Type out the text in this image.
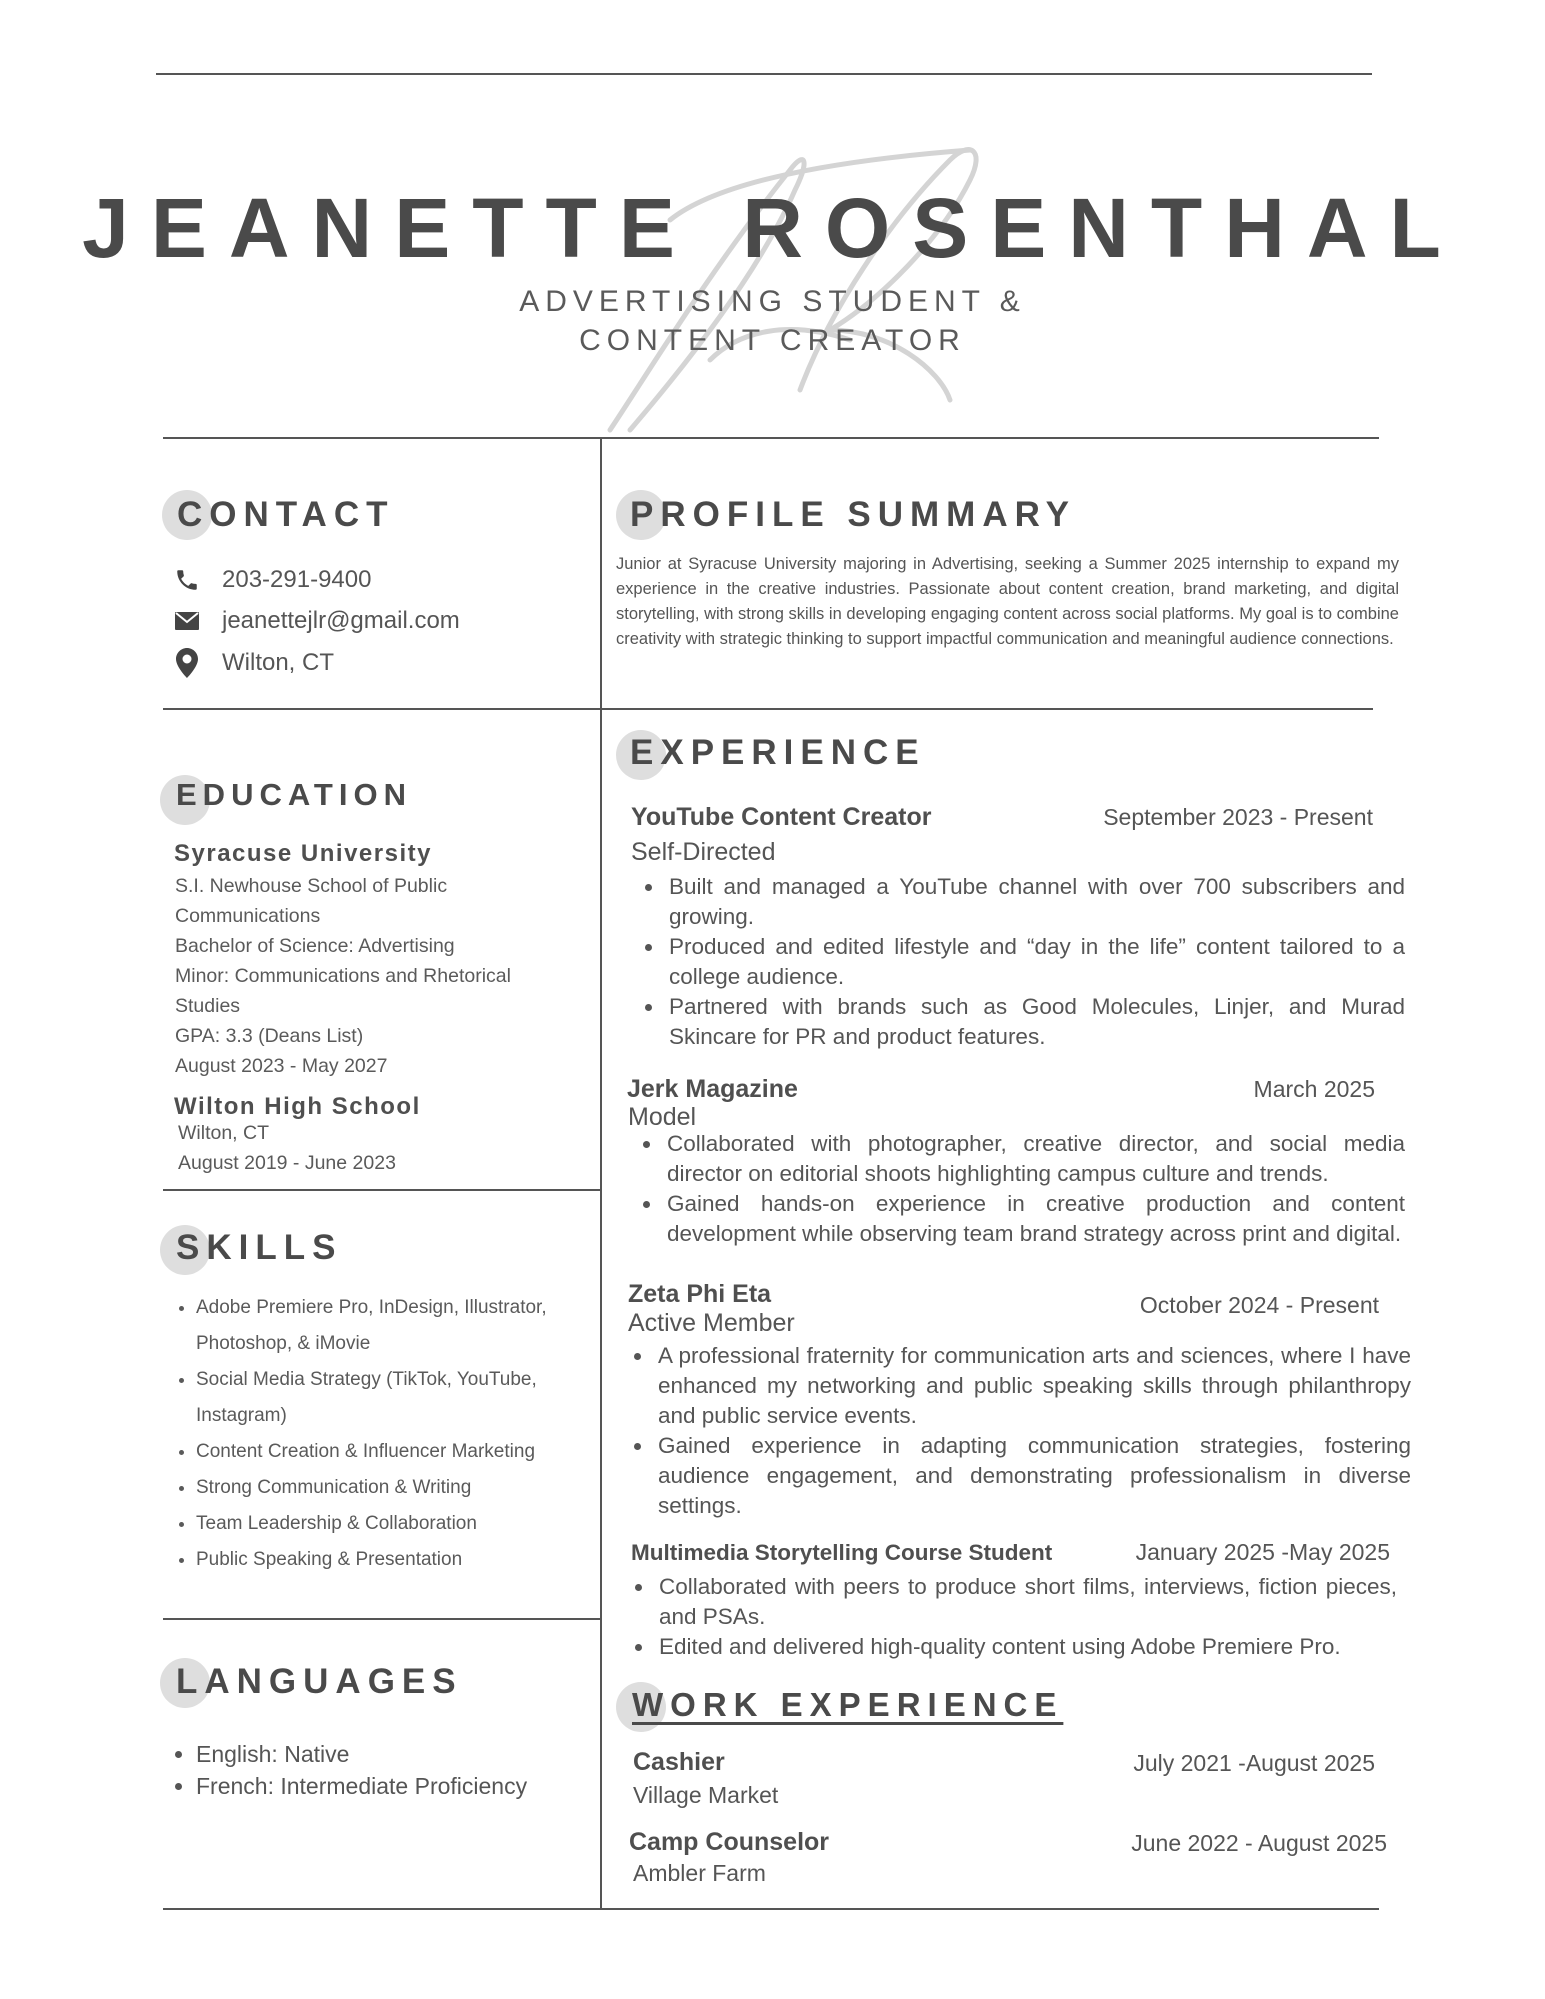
JEANETTE ROSENTHAL
ADVERTISING STUDENT &
CONTENT CREATOR
CONTACT
203-291-9400
jeanettejlr@gmail.com
Wilton, CT
PROFILE SUMMARY
Junior at Syracuse University majoring in Advertising, seeking a Summer 2025 internship to expand my experience in the creative industries. Passionate about content creation, brand marketing, and digital storytelling, with strong skills in developing engaging content across social platforms. My goal is to combine creativity with strategic thinking to support impactful communication and meaningful audience connections.
EDUCATION
Syracuse University
S.I. Newhouse School of Public
Communications
Bachelor of Science: Advertising
Minor: Communications and Rhetorical
Studies
GPA: 3.3 (Deans List)
August 2023 - May 2027
Wilton High School
Wilton, CT
August 2019 - June 2023
SKILLS
• Adobe Premiere Pro, InDesign, Illustrator, Photoshop, & iMovie
• Social Media Strategy (TikTok, YouTube, Instagram)
• Content Creation & Influencer Marketing
• Strong Communication & Writing
• Team Leadership & Collaboration
• Public Speaking & Presentation
LANGUAGES
• English: Native
• French: Intermediate Proficiency
EXPERIENCE
YouTube Content Creator	September 2023 - Present
Self-Directed
• Built and managed a YouTube channel with over 700 subscribers and growing.
• Produced and edited lifestyle and “day in the life” content tailored to a college audience.
• Partnered with brands such as Good Molecules, Linjer, and Murad Skincare for PR and product features.
Jerk Magazine	March 2025
Model
• Collaborated with photographer, creative director, and social media director on editorial shoots highlighting campus culture and trends.
• Gained hands-on experience in creative production and content development while observing team brand strategy across print and digital.
Zeta Phi Eta	October 2024 - Present
Active Member
• A professional fraternity for communication arts and sciences, where I have enhanced my networking and public speaking skills through philanthropy and public service events.
• Gained experience in adapting communication strategies, fostering audience engagement, and demonstrating professionalism in diverse settings.
Multimedia Storytelling Course Student	January 2025 -May 2025
• Collaborated with peers to produce short films, interviews, fiction pieces, and PSAs.
• Edited and delivered high-quality content using Adobe Premiere Pro.
WORK EXPERIENCE
Cashier	July 2021 -August 2025
Village Market
Camp Counselor	June 2022 - August 2025
Ambler Farm
